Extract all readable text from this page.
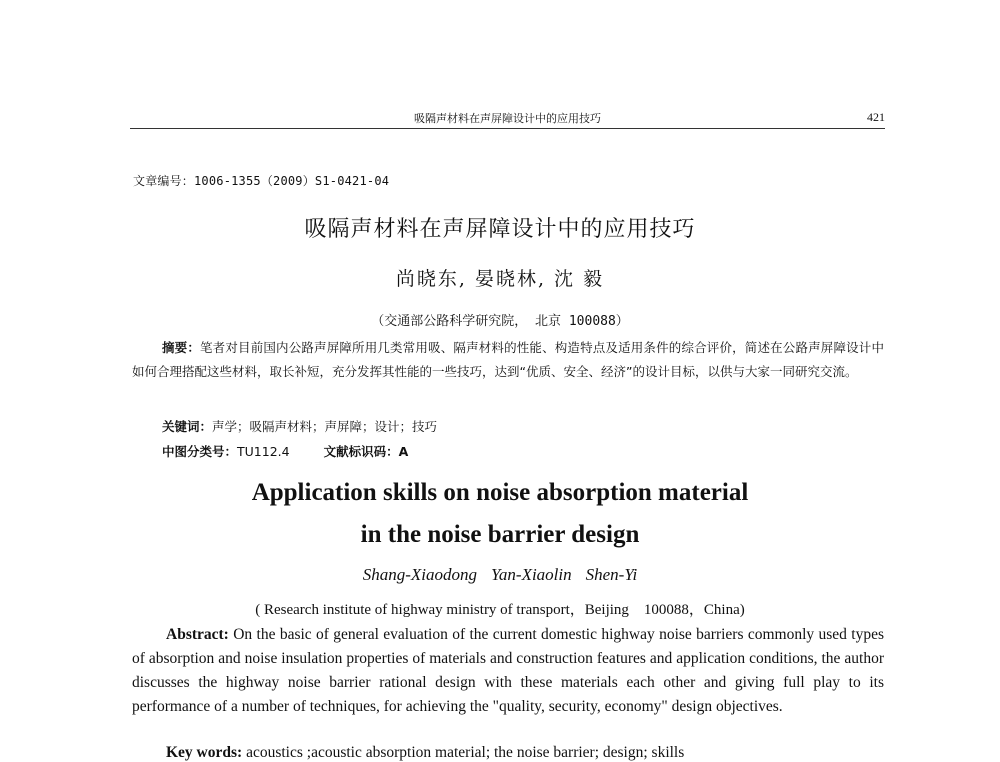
吸隔声材料在声屏障设计中的应用技巧	421
文章编号：1006-1355（2009）S1-0421-04
吸隔声材料在声屏障设计中的应用技巧
尚晓东, 晏晓林, 沈 毅
（交通部公路科学研究院， 北京 100088）
摘要：笔者对目前国内公路声屏障所用几类常用吸、隔声材料的性能、构造特点及适用条件的综合评价，简述在公路声屏障设计中如何合理搭配这些材料，取长补短，充分发挥其性能的一些技巧，达到“优质、安全、经济”的设计目标，以供与大家一同研究交流。
关键词：声学；吸隔声材料；声屏障；设计；技巧
中图分类号：TU112.4	文献标识码：A
Application skills on noise absorption material
in the noise barrier design
Shang-Xiaodong Yan-Xiaolin Shen-Yi
( Research institute of highway ministry of transport，Beijing　100088，China)
Abstract: On the basic of general evaluation of the current domestic highway noise barriers commonly used types of absorption and noise insulation properties of materials and construction features and application conditions, the author discusses the highway noise barrier rational design with these materials each other and giving full play to its performance of a number of techniques, for achieving the "quality, security, economy" design objectives.
Key words: acoustics ;acoustic absorption material; the noise barrier; design; skills
